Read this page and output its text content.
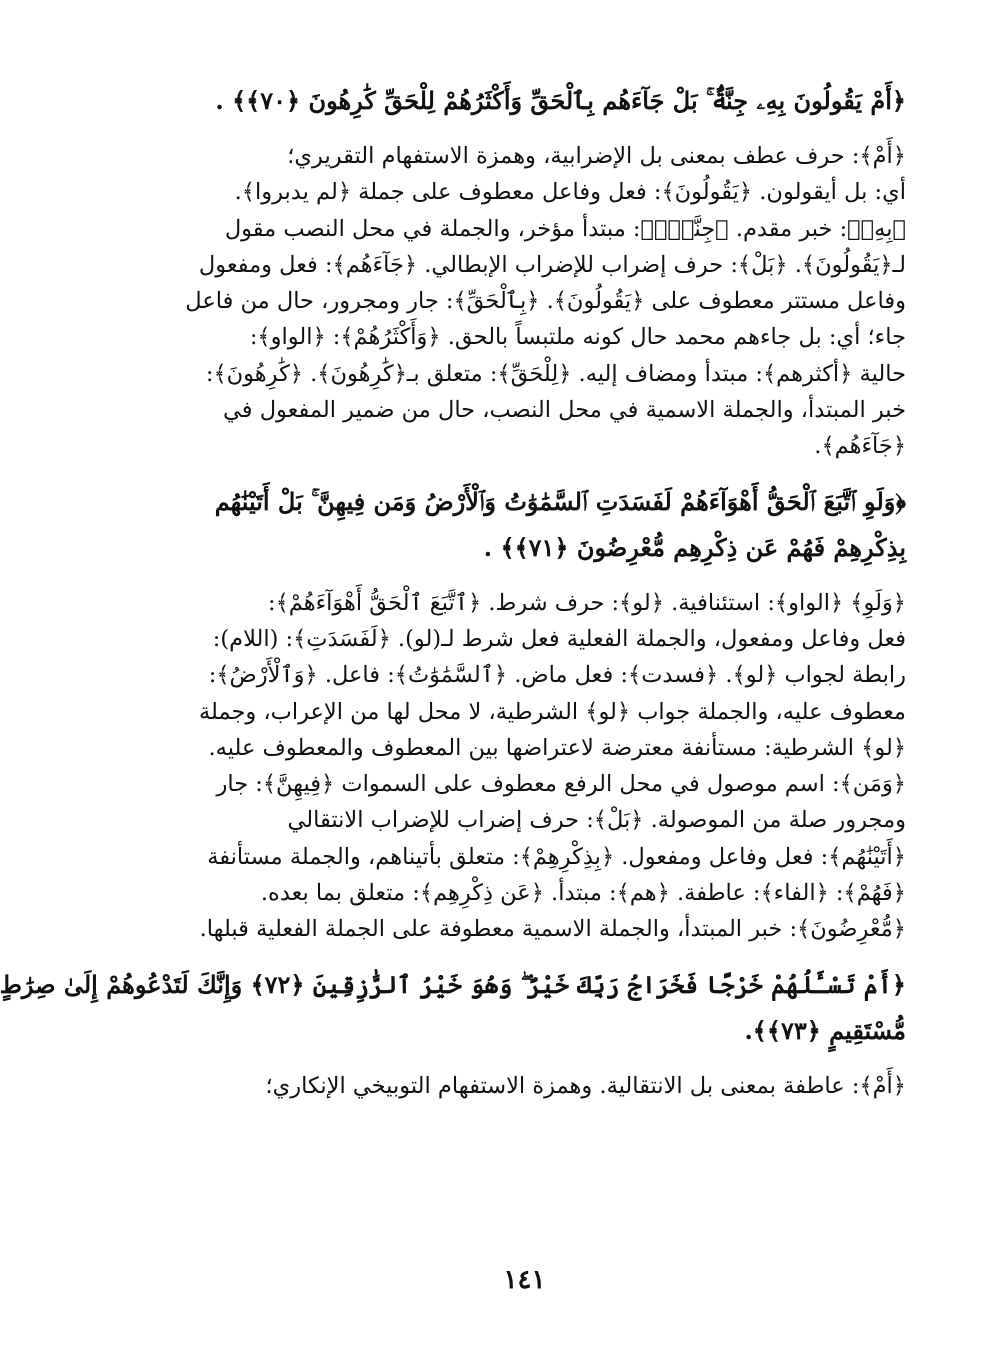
﴿أَمْ يَقُولُونَ بِهِۦ جِنَّةٌۢ ۚ بَلْ جَآءَهُم بِٱلْحَقِّ وَأَكْثَرُهُمْ لِلْحَقِّ كَٰرِهُونَ ﴿٧٠﴾﴾ .
﴿أَمْ﴾: حرف عطف بمعنى بل الإضرابية، وهمزة الاستفهام التقريري؛
أي: بل أيقولون. ﴿يَقُولُونَ﴾: فعل وفاعل معطوف على جملة ﴿لم يدبروا﴾.
﴿بِهِۦ﴾: خبر مقدم. ﴿جِنَّةٌۢ﴾: مبتدأ مؤخر، والجملة في محل النصب مقول
لـ﴿يَقُولُونَ﴾. ﴿بَلْ﴾: حرف إضراب للإضراب الإبطالي. ﴿جَآءَهُم﴾: فعل ومفعول
وفاعل مستتر معطوف على ﴿يَقُولُونَ﴾. ﴿بِٱلْحَقِّ﴾: جار ومجرور، حال من فاعل
جاء؛ أي: بل جاءهم محمد حال كونه ملتبساً بالحق. ﴿وَأَكْثَرُهُمْ﴾: ﴿الواو﴾:
حالية ﴿أكثرهم﴾: مبتدأ ومضاف إليه. ﴿لِلْحَقِّ﴾: متعلق بـ﴿كَٰرِهُونَ﴾. ﴿كَٰرِهُونَ﴾:
خبر المبتدأ، والجملة الاسمية في محل النصب، حال من ضمير المفعول في
﴿جَآءَهُم﴾.
﴿وَلَوِ ٱتَّبَعَ ٱلْحَقُّ أَهْوَآءَهُمْ لَفَسَدَتِ ٱلسَّمَٰوَٰتُ وَٱلْأَرْضُ وَمَن فِيهِنَّ ۚ بَلْ أَتَيْنَٰهُم
بِذِكْرِهِمْ فَهُمْ عَن ذِكْرِهِم مُّعْرِضُونَ ﴿٧١﴾﴾ .
﴿وَلَوِ﴾ ﴿الواو﴾: استئنافية. ﴿لو﴾: حرف شرط. ﴿ٱتَّبَعَ ٱلْحَقُّ أَهْوَآءَهُمْ﴾:
فعل وفاعل ومفعول، والجملة الفعلية فعل شرط لـ(لو). ﴿لَفَسَدَتِ﴾: (اللام):
رابطة لجواب ﴿لو﴾. ﴿فسدت﴾: فعل ماض. ﴿ٱلسَّمَٰوَٰتُ﴾: فاعل. ﴿وَٱلْأَرْضُ﴾:
معطوف عليه، والجملة جواب ﴿لو﴾ الشرطية، لا محل لها من الإعراب، وجملة
﴿لو﴾ الشرطية: مستأنفة معترضة لاعتراضها بين المعطوف والمعطوف عليه.
﴿وَمَن﴾: اسم موصول في محل الرفع معطوف على السموات ﴿فِيهِنَّ﴾: جار
ومجرور صلة من الموصولة. ﴿بَلْ﴾: حرف إضراب للإضراب الانتقالي
﴿أَتَيْنَٰهُم﴾: فعل وفاعل ومفعول. ﴿بِذِكْرِهِمْ﴾: متعلق بأتيناهم، والجملة مستأنفة
﴿فَهُمْ﴾: ﴿الفاء﴾: عاطفة. ﴿هم﴾: مبتدأ. ﴿عَن ذِكْرِهِم﴾: متعلق بما بعده.
﴿مُّعْرِضُونَ﴾: خبر المبتدأ، والجملة الاسمية معطوفة على الجملة الفعلية قبلها.
﴿أَمْ تَسْـَٔلُهُمْ خَرْجًا فَخَرَاجُ رَبِّكَ خَيْرٌ ۖ وَهُوَ خَيْرُ ٱلرَّٰزِقِينَ ﴿٧٢﴾ وَإِنَّكَ لَتَدْعُوهُمْ إِلَىٰ صِرَٰطٍ
مُّسْتَقِيمٍ ﴿٧٣﴾﴾.
﴿أَمْ﴾: عاطفة بمعنى بل الانتقالية. وهمزة الاستفهام التوبيخي الإنكاري؛
١٤١
